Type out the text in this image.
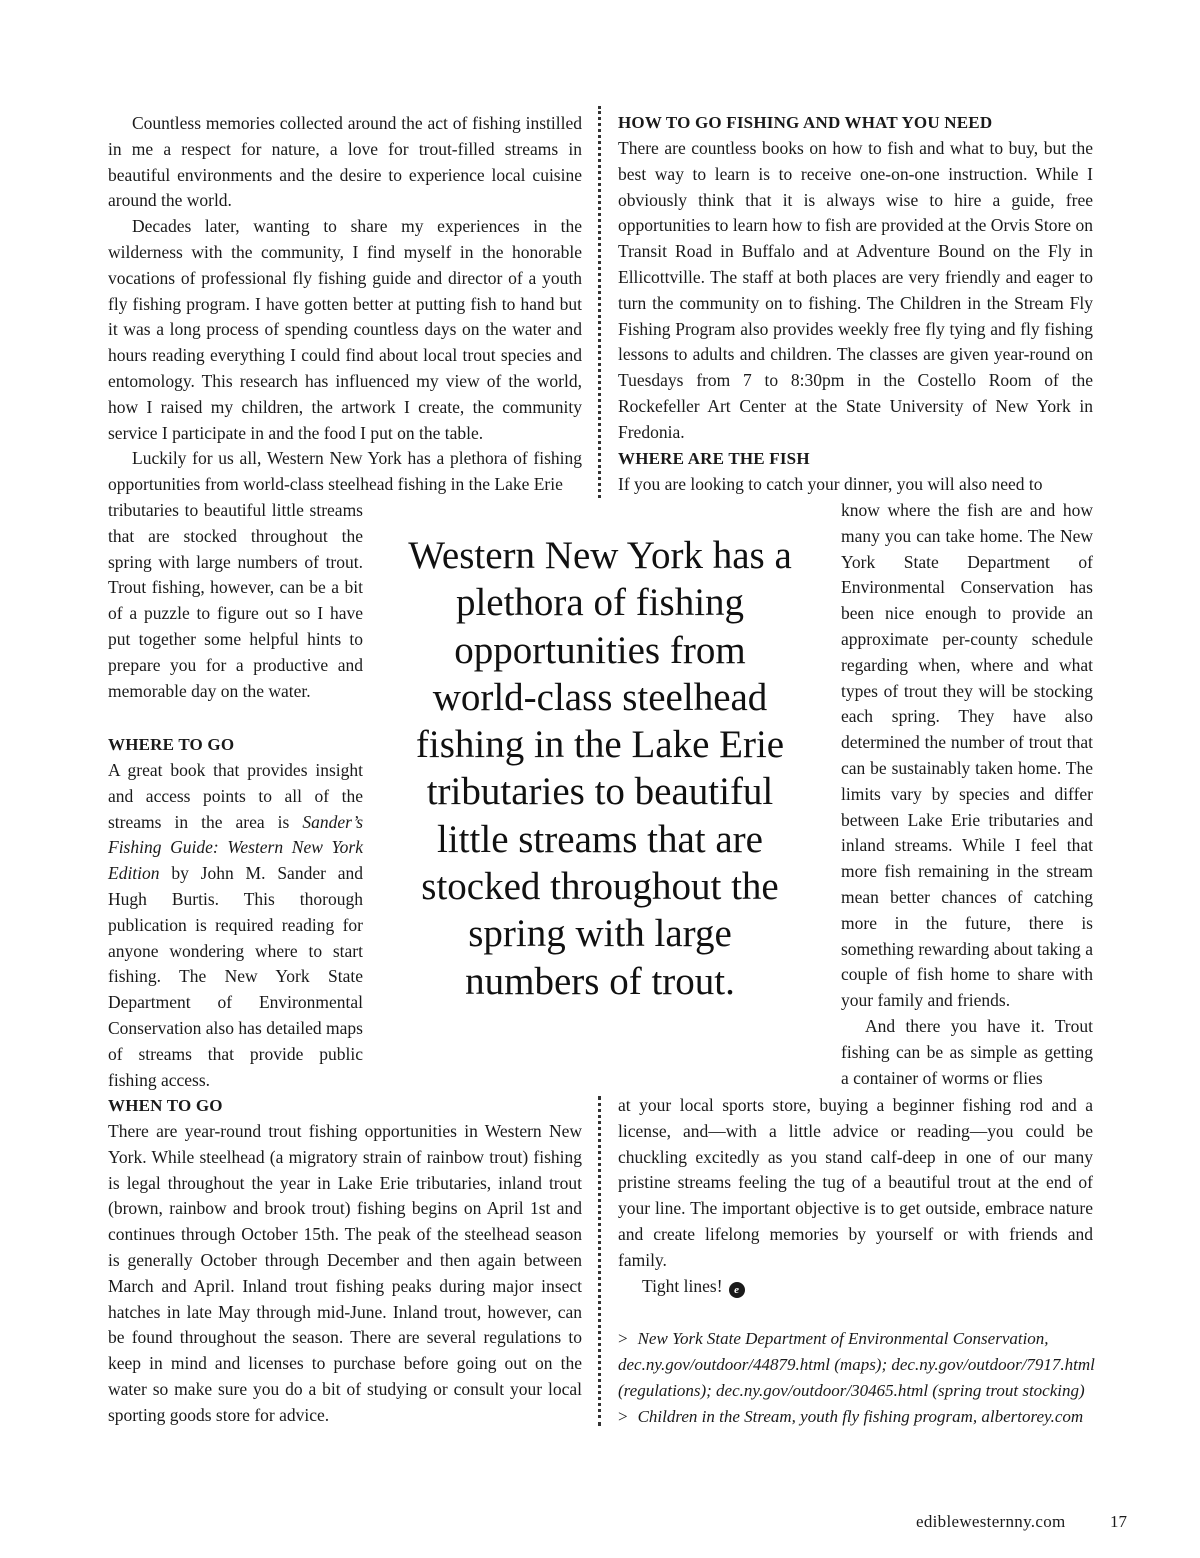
Countless memories collected around the act of fishing instilled in me a respect for nature, a love for trout-filled streams in beautiful environments and the desire to experience local cuisine around the world.

Decades later, wanting to share my experiences in the wilderness with the community, I find myself in the honorable vocations of professional fly fishing guide and director of a youth fly fishing program. I have gotten better at putting fish to hand but it was a long process of spending countless days on the water and hours reading everything I could find about local trout species and entomology. This research has influenced my view of the world, how I raised my children, the artwork I create, the community service I participate in and the food I put on the table.

Luckily for us all, Western New York has a plethora of fishing opportunities from world-class steelhead fishing in the Lake Erie

tributaries to beautiful little streams that are stocked throughout the spring with large numbers of trout. Trout fishing, however, can be a bit of a puzzle to figure out so I have put together some helpful hints to prepare you for a productive and memorable day on the water.

WHERE TO GO

A great book that provides insight and access points to all of the streams in the area is Sander’s Fishing Guide: Western New York Edition by John M. Sander and Hugh Burtis. This thorough publication is required reading for anyone wondering where to start fishing. The New York State Department of Environmental Conservation also has detailed maps of streams that provide public fishing access.

WHEN TO GO

There are year-round trout fishing opportunities in Western New York. While steelhead (a migratory strain of rainbow trout) fishing is legal throughout the year in Lake Erie tributaries, inland trout (brown, rainbow and brook trout) fishing begins on April 1st and continues through October 15th. The peak of the steelhead season is generally October through December and then again between March and April. Inland trout fishing peaks during major insect hatches in late May through mid-June. Inland trout, however, can be found throughout the season. There are several regulations to keep in mind and licenses to purchase before going out on the water so make sure you do a bit of studying or consult your local sporting goods store for advice.

Western New York has a plethora of fishing opportunities from world-class steelhead fishing in the Lake Erie tributaries to beautiful little streams that are stocked throughout the spring with large numbers of trout.
HOW TO GO FISHING AND WHAT YOU NEED

There are countless books on how to fish and what to buy, but the best way to learn is to receive one-on-one instruction. While I obviously think that it is always wise to hire a guide, free opportunities to learn how to fish are provided at the Orvis Store on Transit Road in Buffalo and at Adventure Bound on the Fly in Ellicottville. The staff at both places are very friendly and eager to turn the community on to fishing. The Children in the Stream Fly Fishing Program also provides weekly free fly tying and fly fishing lessons to adults and children. The classes are given year-round on Tuesdays from 7 to 8:30pm in the Costello Room of the Rockefeller Art Center at the State University of New York in Fredonia.

WHERE ARE THE FISH

If you are looking to catch your dinner, you will also need to

know where the fish are and how many you can take home. The New York State Department of Environmental Conservation has been nice enough to provide an approximate per-county schedule regarding when, where and what types of trout they will be stocking each spring. They have also determined the number of trout that can be sustainably taken home. The limits vary by species and differ between Lake Erie tributaries and inland streams. While I feel that more fish remaining in the stream mean better chances of catching more in the future, there is something rewarding about taking a couple of fish home to share with your family and friends.

And there you have it. Trout fishing can be as simple as getting a container of worms or flies

at your local sports store, buying a beginner fishing rod and a license, and—with a little advice or reading—you could be chuckling excitedly as you stand calf-deep in one of our many pristine streams feeling the tug of a beautiful trout at the end of your line. The important objective is to get outside, embrace nature and create lifelong memories by yourself or with friends and family.

Tight lines! e
> New York State Department of Environmental Conservation, dec.ny.gov/outdoor/44879.html (maps); dec.ny.gov/outdoor/7917.html (regulations); dec.ny.gov/outdoor/30465.html (spring trout stocking)
> Children in the Stream, youth fly fishing program, albertorey.com
ediblewesternny.com	17
